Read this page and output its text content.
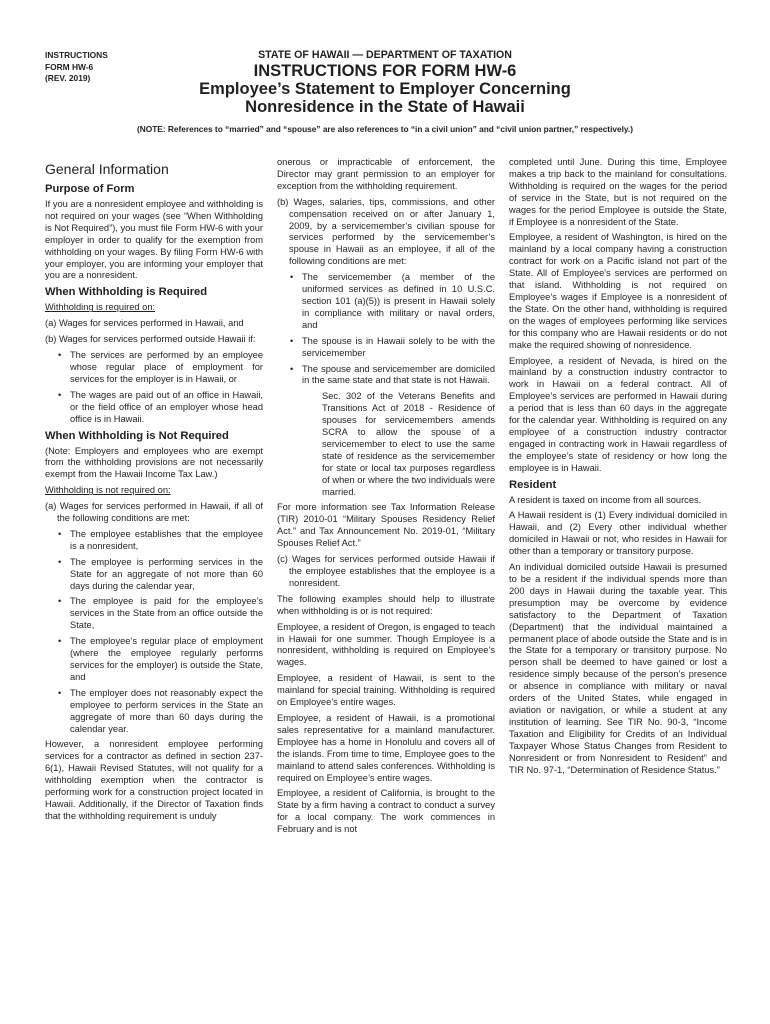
INSTRUCTIONS
FORM HW-6
(REV. 2019)
STATE OF HAWAII — DEPARTMENT OF TAXATION
INSTRUCTIONS FOR FORM HW-6
Employee’s Statement to Employer Concerning
Nonresidence in the State of Hawaii
(NOTE: References to “married” and “spouse” are also references to “in a civil union” and “civil union partner,” respectively.)
General Information
Purpose of Form

If you are a nonresident employee and withholding is not required on your wages (see “When Withholding is Not Required”), you must file Form HW-6 with your employer in order to qualify for the exemption from withholding on your wages. By filing Form HW-6 with your employer, you are informing your employer that you are a nonresident.

When Withholding is Required

Withholding is required on:

(a) Wages for services performed in Hawaii, and

(b) Wages for services performed outside Hawaii if:

• The services are performed by an employee whose regular place of employment for services for the employer is in Hawaii, or

• The wages are paid out of an office in Hawaii, or the field office of an employer whose head office is in Hawaii.

When Withholding is Not Required

(Note: Employers and employees who are exempt from the withholding provisions are not necessarily exempt from the Hawaii Income Tax Law.)

Withholding is not required on:

(a) Wages for services performed in Hawaii, if all of the following conditions are met:

• The employee establishes that the employee is a nonresident,

• The employee is performing services in the State for an aggregate of not more than 60 days during the calendar year,

• The employee is paid for the employee's services in the State from an office outside the State,

• The employee’s regular place of employment (where the employee regularly performs services for the employer) is outside the State, and

• The employer does not reasonably expect the employee to perform services in the State an aggregate of more than 60 days during the calendar year.

However, a nonresident employee performing services for a contractor as defined in section 237-6(1), Hawaii Revised Statutes, will not qualify for a withholding exemption when the contractor is performing work for a construction project located in Hawaii. Additionally, if the Director of Taxation finds that the withholding requirement is unduly

onerous or impracticable of enforcement, the Director may grant permission to an employer for exception from the withholding requirement.

(b) Wages, salaries, tips, commissions, and other compensation received on or after January 1, 2009, by a servicemember’s civilian spouse for services performed by the servicemember’s spouse in Hawaii as an employee, if all of the following conditions are met:

• The servicemember (a member of the uniformed services as defined in 10 U.S.C. section 101 (a)(5)) is present in Hawaii solely in compliance with military or naval orders, and

• The spouse is in Hawaii solely to be with the servicemember

• The spouse and servicemember are domiciled in the same state and that state is not Hawaii.

Sec. 302 of the Veterans Benefits and Transitions Act of 2018 - Residence of spouses for servicemembers amends SCRA to allow the spouse of a servicemember to elect to use the same state of residence as the servicemember for state or local tax purposes regardless of when or where the two individuals were married.

For more information see Tax Information Release (TIR) 2010-01 “Military Spouses Residency Relief Act.” and Tax Announcement No. 2019-01, “Military Spouses Relief Act.”

(c) Wages for services performed outside Hawaii if the employee establishes that the employee is a nonresident.

The following examples should help to illustrate when withholding is or is not required:

Employee, a resident of Oregon, is engaged to teach in Hawaii for one summer. Though Employee is a nonresident, withholding is required on Employee’s wages.

Employee, a resident of Hawaii, is sent to the mainland for special training. Withholding is required on Employee’s entire wages.

Employee, a resident of Hawaii, is a promotional sales representative for a mainland manufacturer. Employee has a home in Honolulu and covers all of the islands. From time to time, Employee goes to the mainland to attend sales conferences. Withholding is required on Employee’s entire wages.

Employee, a resident of California, is brought to the State by a firm having a contract to conduct a survey for a local company. The work commences in February and is not

completed until June. During this time, Employee makes a trip back to the mainland for consultations. Withholding is required on the wages for the period of service in the State, but is not required on the wages for the period Employee is outside the State, if Employee is a nonresident of the State.

Employee, a resident of Washington, is hired on the mainland by a local company having a construction contract for work on a Pacific island not part of the State. All of Employee's services are performed on that island. Withholding is not required on Employee’s wages if Employee is a nonresident of the State. On the other hand, withholding is required on the wages of employees performing like services for this company who are Hawaii residents or do not make the required showing of nonresidence.

Employee, a resident of Nevada, is hired on the mainland by a construction industry contractor to work in Hawaii on a federal contract. All of Employee’s services are performed in Hawaii during a period that is less than 60 days in the aggregate for the calendar year. Withholding is required on any employee of a construction industry contractor engaged in contracting work in Hawaii regardless of the employee’s state of residency or how long the employee is in Hawaii.

Resident

A resident is taxed on income from all sources.

A Hawaii resident is (1) Every individual domiciled in Hawaii, and (2) Every other individual whether domiciled in Hawaii or not, who resides in Hawaii for other than a temporary or transitory purpose.

An individual domiciled outside Hawaii is presumed to be a resident if the individual spends more than 200 days in Hawaii during the taxable year. This presumption may be overcome by evidence satisfactory to the Department of Taxation (Department) that the individual maintained a permanent place of abode outside the State and is in the State for a temporary or transitory purpose. No person shall be deemed to have gained or lost a residence simply because of the person’s presence or absence in compliance with military or naval orders of the United States, while engaged in aviation or navigation, or while a student at any institution of learning. See TIR No. 90-3, “Income Taxation and Eligibility for Credits of an Individual Taxpayer Whose Status Changes from Resident to Nonresident or from Nonresident to Resident” and TIR No. 97-1, “Determination of Residence Status.”
